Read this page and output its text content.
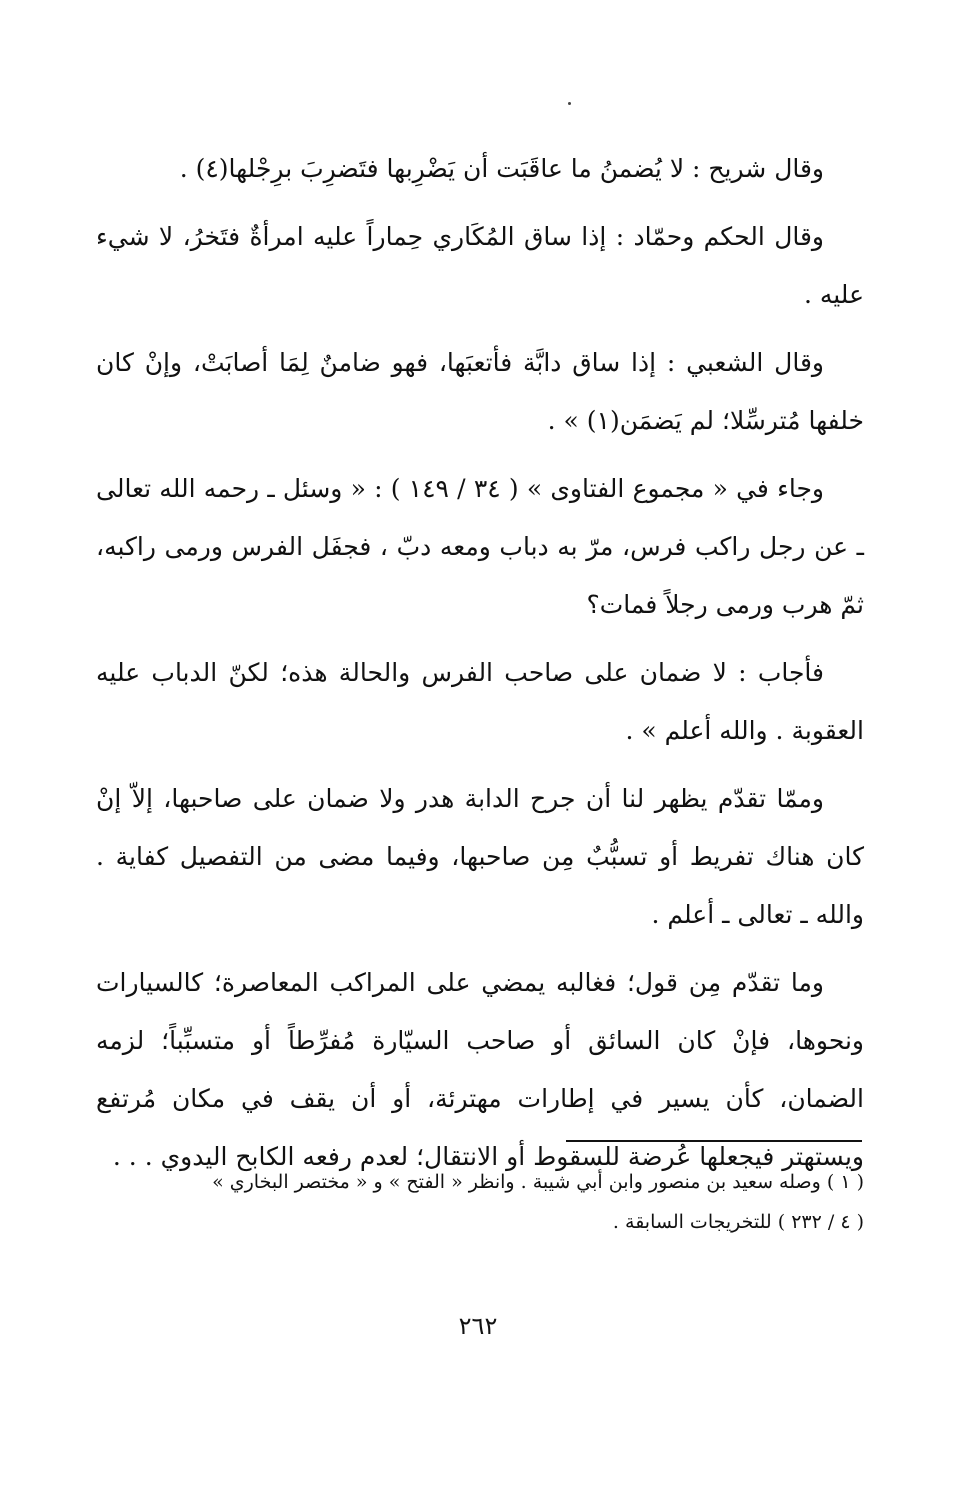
وقال شريح : لا يُضمنُ ما عاقَبَت أن يَضْرِبها فتَضرِبَ برِجْلها(٤) .

وقال الحكم وحمّاد : إذا ساق المُكَاري حِماراً عليه امرأةٌ فتَخرُ، لا شيء عليه .

وقال الشعبي : إذا ساق دابَّة فأتعبَها، فهو ضامنٌ لِمَا أصابَتْ، وإنْ كان خلفها مُترسِّلا؛ لم يَضمَن(١) » .

وجاء في « مجموع الفتاوى » ( ٣٤ / ١٤٩ ) : « وسئل ـ رحمه الله تعالى ـ عن رجل راكب فرس، مرّ به دباب ومعه دبّ ، فجفَل الفرس ورمى راكبه، ثمّ هرب ورمى رجلاً فمات؟

فأجاب : لا ضمان على صاحب الفرس والحالة هذه؛ لكنّ الدباب عليه العقوبة . والله أعلم » .

وممّا تقدّم يظهر لنا أن جرح الدابة هدر ولا ضمان على صاحبها، إلاّ إنْ كان هناك تفريط أو تسبُّبٌ مِن صاحبها، وفيما مضى من التفصيل كفاية . والله ـ تعالى ـ أعلم .

وما تقدّم مِن قول؛ فغالبه يمضي على المراكب المعاصرة؛ كالسيارات ونحوها، فإنْ كان السائق أو صاحب السيّارة مُفرِّطاً أو متسبِّباً؛ لزمه الضمان، كأن يسير في إطارات مهترئة، أو أن يقف في مكان مُرتفع ويستهتر فيجعلها عُرضة للسقوط أو الانتقال؛ لعدم رفعه الكابح اليدوي . . .

( ١ ) وصله سعيد بن منصور وابن أبي شيبة . وانظر « الفتح » و « مختصر البخاري »

( ٤ / ٢٣٢ ) للتخريجات السابقة .

٢٦٢
